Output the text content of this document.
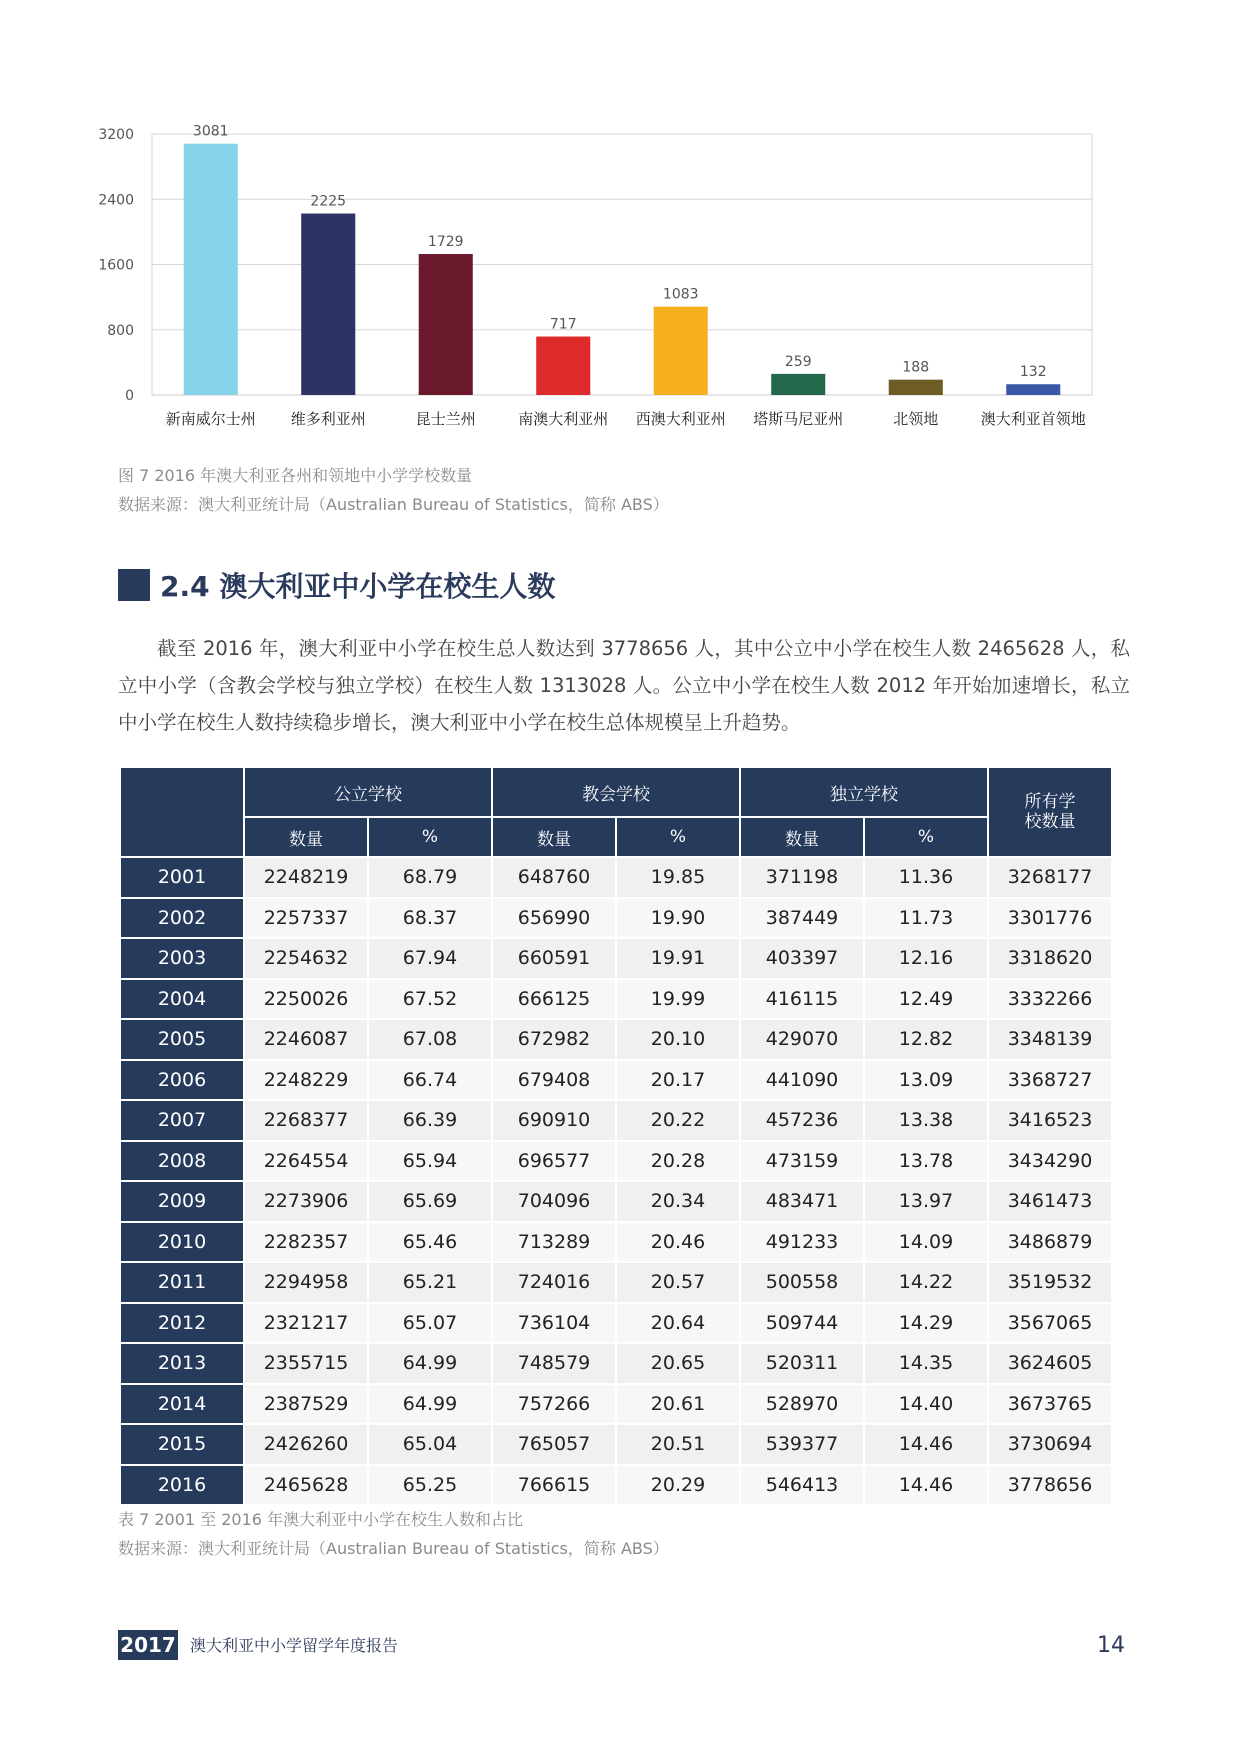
0
800
1600
2400
3200	3081
新南威尔士州
2225
维多利亚州
1729
昆士兰州
717
南澳大利亚州
1083
西澳大利亚州
259
塔斯马尼亚州
188
北领地
132
澳大利亚首领地
图 7 2016 年澳大利亚各州和领地中小学学校数量
数据来源：澳大利亚统计局（Australian Bureau of Statistics，简称 ABS）
2.4 澳大利亚中小学在校生人数
截至 2016 年，澳大利亚中小学在校生总人数达到 3778656 人，其中公立中小学在校生人数 2465628 人，私立中小学（含教会学校与独立学校）在校生人数 1313028 人。公立中小学在校生人数 2012 年开始加速增长，私立中小学在校生人数持续稳步增长，澳大利亚中小学在校生总体规模呈上升趋势。
	公立学校		教会学校		独立学校		所有学校数量
	数量	%	数量	%	数量	%	
2001	2248219	68.79	648760	19.85	371198	11.36	3268177
2002	2257337	68.37	656990	19.90	387449	11.73	3301776
2003	2254632	67.94	660591	19.91	403397	12.16	3318620
2004	2250026	67.52	666125	19.99	416115	12.49	3332266
2005	2246087	67.08	672982	20.10	429070	12.82	3348139
2006	2248229	66.74	679408	20.17	441090	13.09	3368727
2007	2268377	66.39	690910	20.22	457236	13.38	3416523
2008	2264554	65.94	696577	20.28	473159	13.78	3434290
2009	2273906	65.69	704096	20.34	483471	13.97	3461473
2010	2282357	65.46	713289	20.46	491233	14.09	3486879
2011	2294958	65.21	724016	20.57	500558	14.22	3519532
2012	2321217	65.07	736104	20.64	509744	14.29	3567065
2013	2355715	64.99	748579	20.65	520311	14.35	3624605
2014	2387529	64.99	757266	20.61	528970	14.40	3673765
2015	2426260	65.04	765057	20.51	539377	14.46	3730694
2016	2465628	65.25	766615	20.29	546413	14.46	3778656
表 7 2001 至 2016 年澳大利亚中小学在校生人数和占比
数据来源：澳大利亚统计局（Australian Bureau of Statistics，简称 ABS）
2017 澳大利亚中小学留学年度报告	14
